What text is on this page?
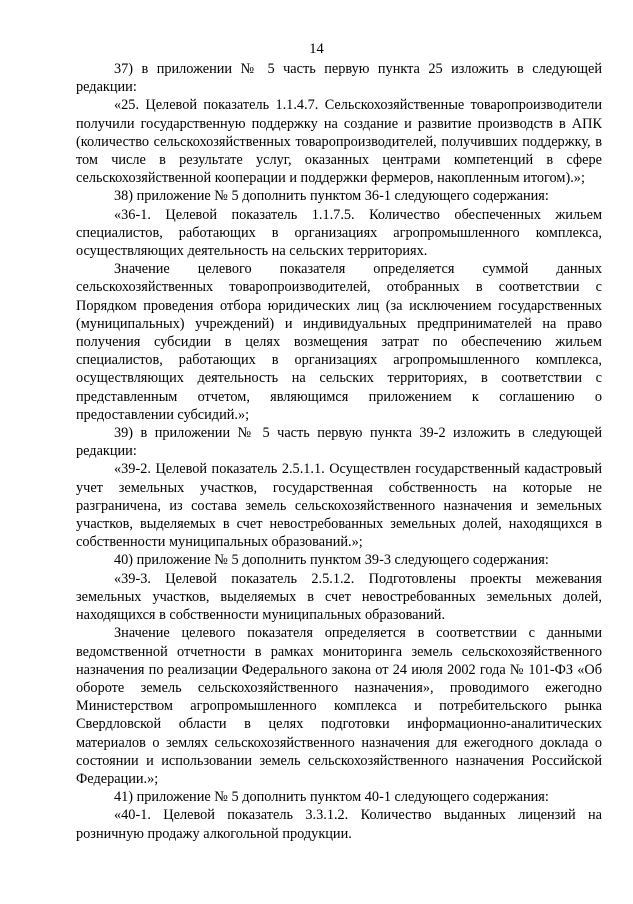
14

37) в приложении № 5 часть первую пункта 25 изложить в следующей редакции:

«25. Целевой показатель 1.1.4.7. Сельскохозяйственные товаропроизводители получили государственную поддержку на создание и развитие производств в АПК (количество сельскохозяйственных товаропроизводителей, получивших поддержку, в том числе в результате услуг, оказанных центрами компетенций в сфере сельскохозяйственной кооперации и поддержки фермеров, накопленным итогом).»;

38) приложение № 5 дополнить пунктом 36-1 следующего содержания:

«36-1. Целевой показатель 1.1.7.5. Количество обеспеченных жильем специалистов, работающих в организациях агропромышленного комплекса, осуществляющих деятельность на сельских территориях.

Значение целевого показателя определяется суммой данных сельскохозяйственных товаропроизводителей, отобранных в соответствии с Порядком проведения отбора юридических лиц (за исключением государственных (муниципальных) учреждений) и индивидуальных предпринимателей на право получения субсидии в целях возмещения затрат по обеспечению жильем специалистов, работающих в организациях агропромышленного комплекса, осуществляющих деятельность на сельских территориях, в соответствии с представленным отчетом, являющимся приложением к соглашению о предоставлении субсидий.»;

39) в приложении № 5 часть первую пункта 39-2 изложить в следующей редакции:

«39-2. Целевой показатель 2.5.1.1. Осуществлен государственный кадастровый учет земельных участков, государственная собственность на которые не разграничена, из состава земель сельскохозяйственного назначения и земельных участков, выделяемых в счет невостребованных земельных долей, находящихся в собственности муниципальных образований.»;

40) приложение № 5 дополнить пунктом 39-3 следующего содержания:

«39-3. Целевой показатель 2.5.1.2. Подготовлены проекты межевания земельных участков, выделяемых в счет невостребованных земельных долей, находящихся в собственности муниципальных образований.

Значение целевого показателя определяется в соответствии с данными ведомственной отчетности в рамках мониторинга земель сельскохозяйственного назначения по реализации Федерального закона от 24 июля 2002 года № 101-ФЗ «Об обороте земель сельскохозяйственного назначения», проводимого ежегодно Министерством агропромышленного комплекса и потребительского рынка Свердловской области в целях подготовки информационно-аналитических материалов о землях сельскохозяйственного назначения для ежегодного доклада о состоянии и использовании земель сельскохозяйственного назначения Российской Федерации.»;

41) приложение № 5 дополнить пунктом 40-1 следующего содержания:

«40-1. Целевой показатель 3.3.1.2. Количество выданных лицензий на розничную продажу алкогольной продукции.
